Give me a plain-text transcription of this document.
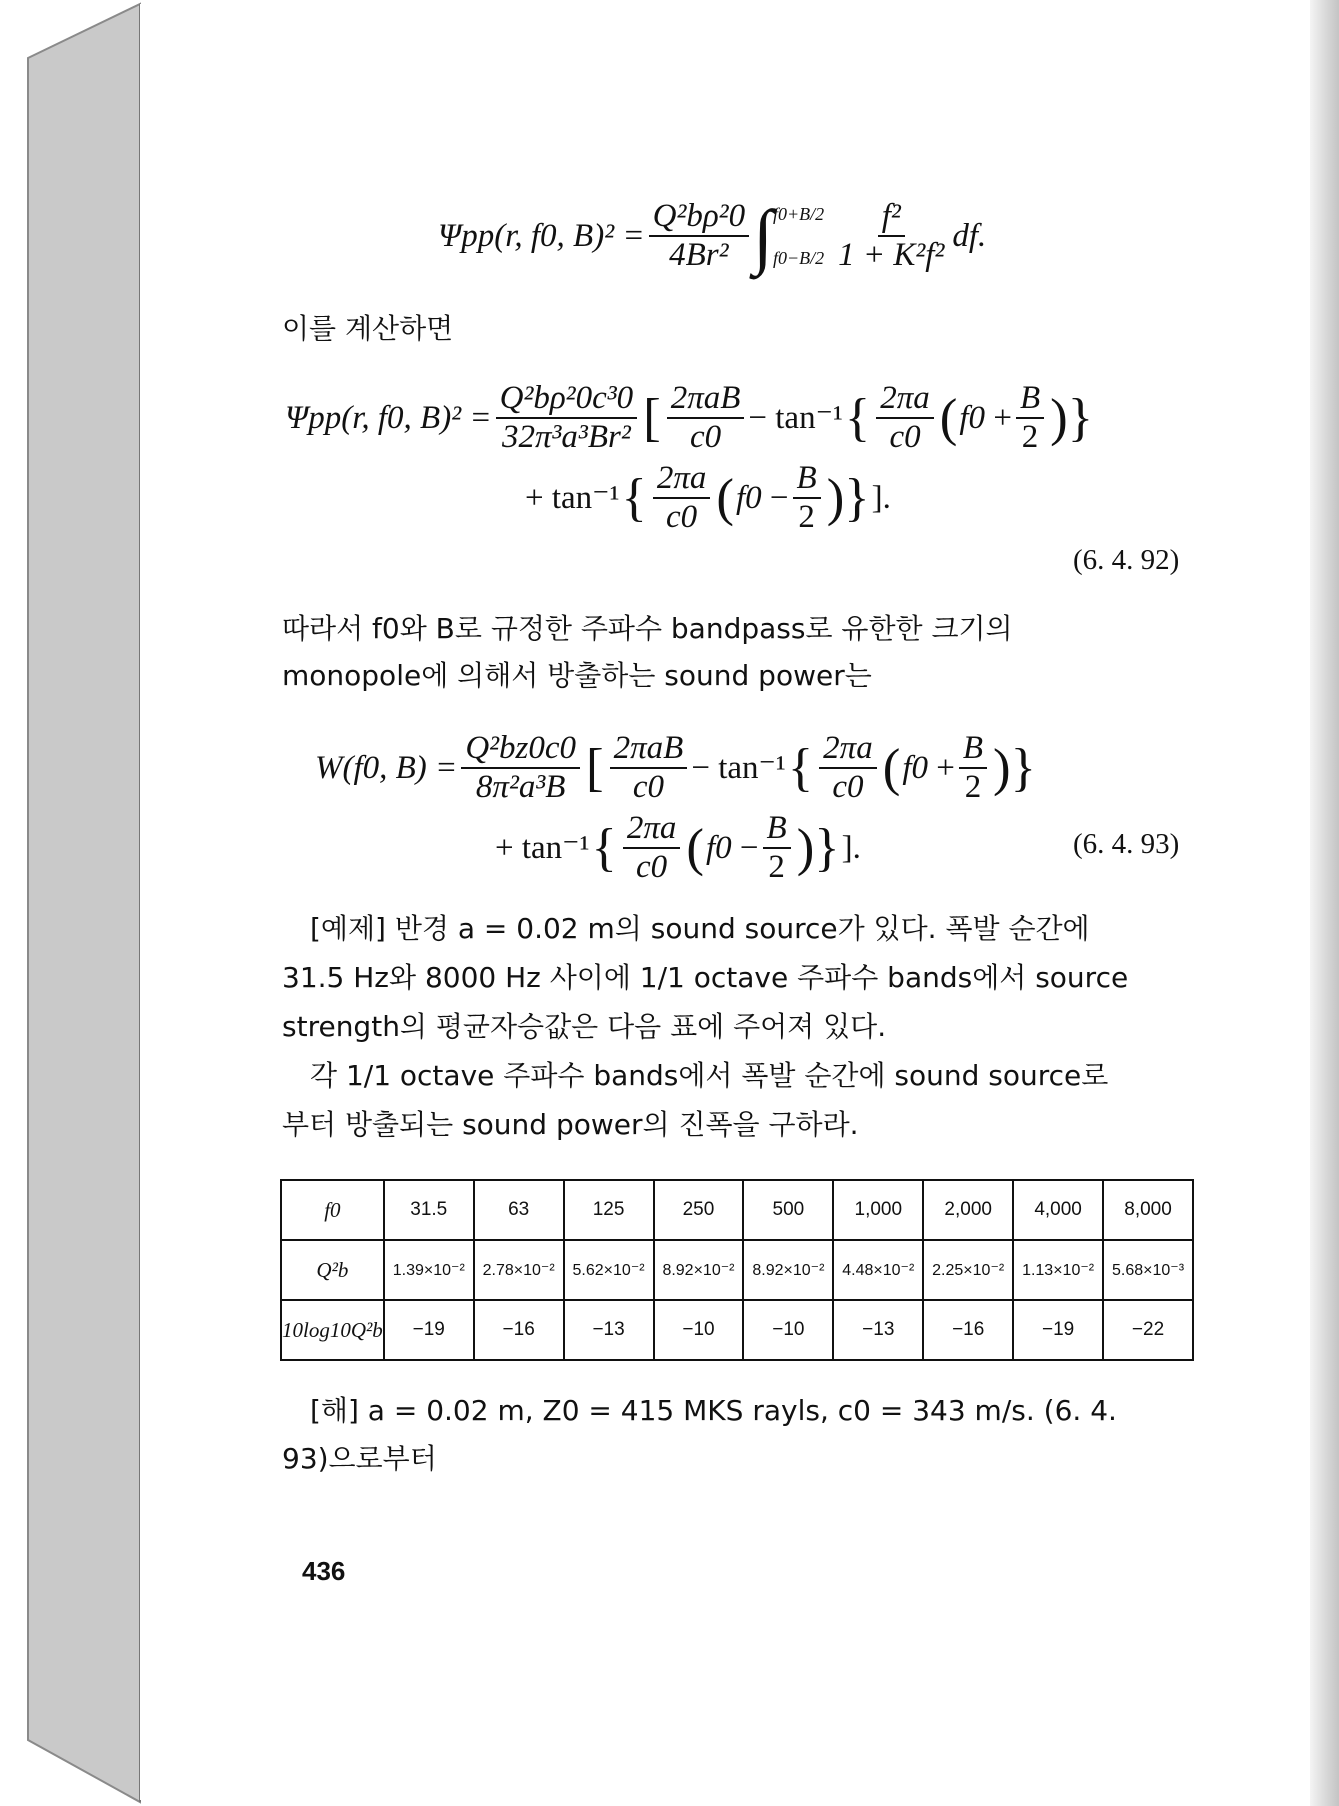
Ψpp(r, f0, $B)^2 = \frac{\text{Q²bρ²0}}{\text{4Br²}}$ ∫ f0+B/2
$f0-B/2 \frac{\text{f²}}{\text{1 + K²f²}}$ df.
이를 계산하면
Ψpp(r, f0, $B)^2 = \frac{\text{Q²bρ²0c³0}}{\text{32π³a³Br²}}$ [ $\frac{\text{2πaB}}{c0} - \tan^{-1}$ { $\frac{2\pi a}{c0}$ ( f0
+ $\frac{B}{2}$ )}
+ tan⁻¹ { $\frac{2\pi a}{c0}$ ( f0
− $\frac{B}{2}$ )} ].
(6. 4. 92)
따라서 f0와 B로 규정한 주파수 bandpass로 유한한 크기의
monopole에 의해서 방출하는 sound power는
W(f0, $B) = \frac{\text{Q²bz0c0}}{\text{8π²a³B}}$ [ $\frac{\text{2πaB}}{c0} - \tan^{-1}$ { $\frac{2\pi a}{c0}$ ( f0
+ $\frac{B}{2}$ )}
+ tan⁻¹ { $\frac{2\pi a}{c0}$ ( f0
− $\frac{B}{2}$ )} ].	(6. 4. 93)
[예제] 반경 a = 0.02 m의 sound source가 있다. 폭발 순간에
31.5 Hz와 8000 Hz 사이에 1/1 octave 주파수 bands에서 source
strength의 평균자승값은 다음 표에 주어져 있다.
각 1/1 octave 주파수 bands에서 폭발 순간에 sound source로
부터 방출되는 sound power의 진폭을 구하라.
f0	31.5	63	125	250	500	1,000	2,000	4,000	8,000
Q²b	1.39×10⁻²	2.78×10⁻²	5.62×10⁻²	8.92×10⁻²	8.92×10⁻²	4.48×10⁻²	2.25×10⁻²	1.13×10⁻²	5.68×10⁻³
10log10Q²b	−19	−16	−13	−10	−10	−13	−16	−19	−22
[해] a = 0.02 m, Z0 = 415 MKS rayls, c0 = 343 m/s. (6. 4.
93)으로부터
436
